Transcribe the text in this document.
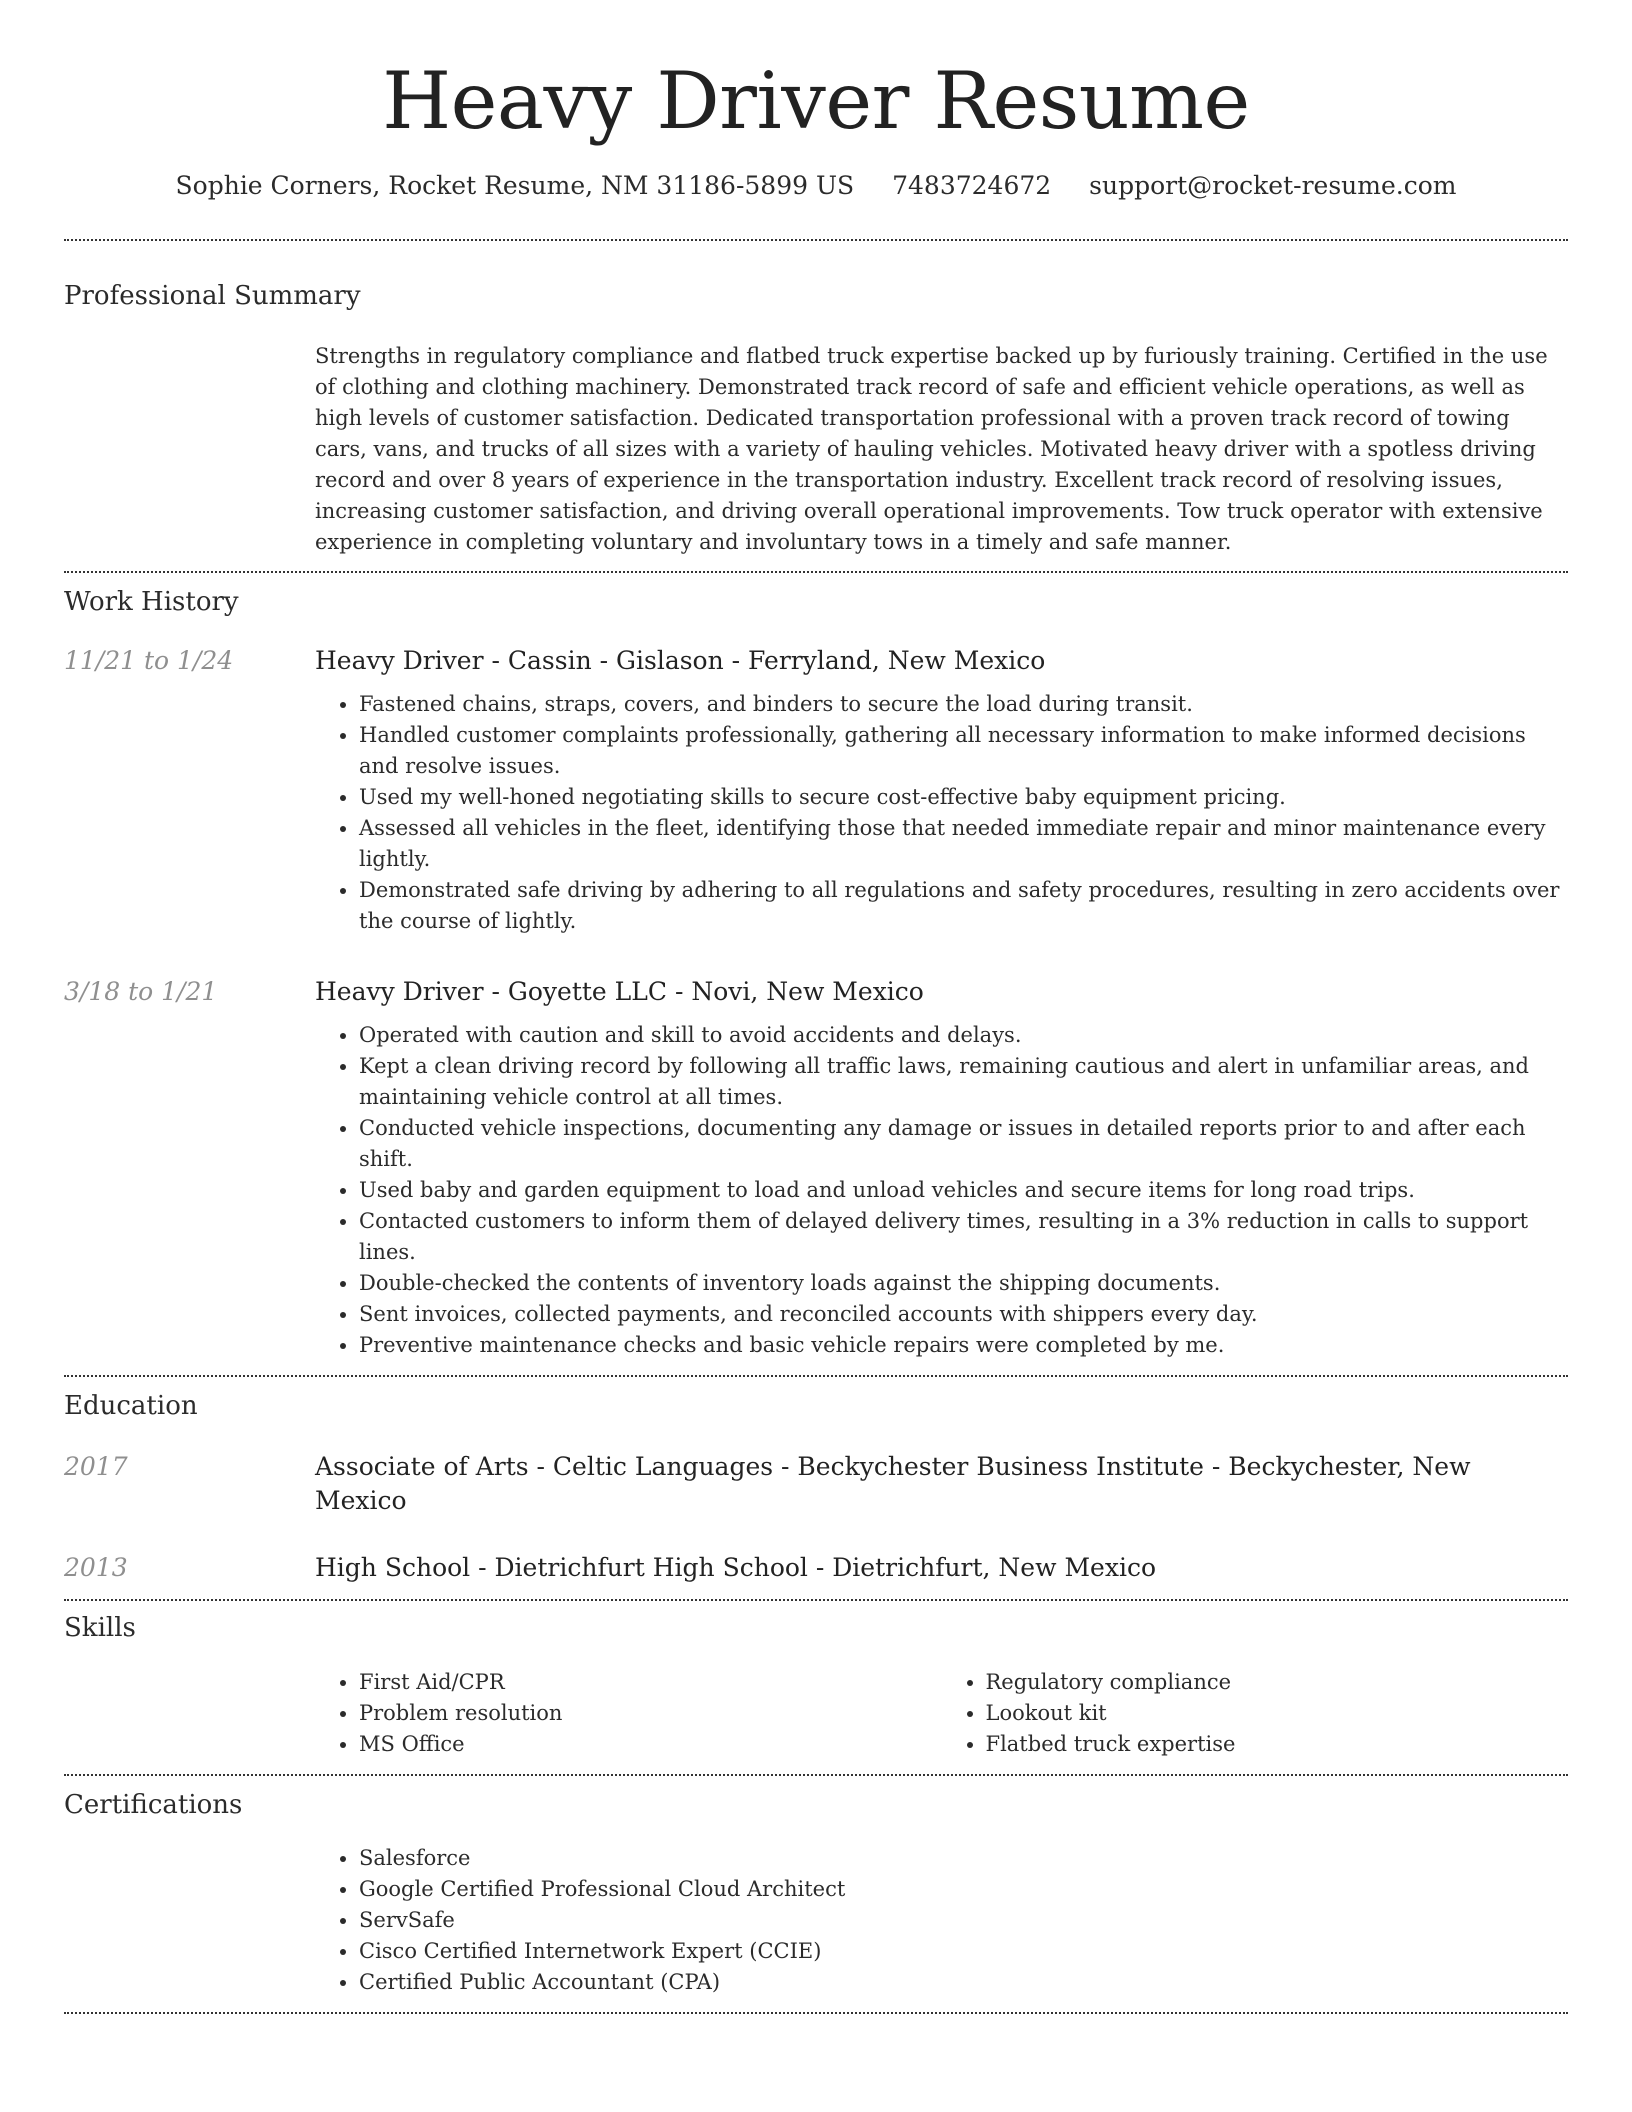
Heavy Driver Resume
Sophie Corners, Rocket Resume, NM 31186-5899 US 7483724672 support@rocket-resume.com
Professional Summary

Strengths in regulatory compliance and flatbed truck expertise backed up by furiously training. Certified in the use of clothing and clothing machinery. Demonstrated track record of safe and efficient vehicle operations, as well as high levels of customer satisfaction. Dedicated transportation professional with a proven track record of towing cars, vans, and trucks of all sizes with a variety of hauling vehicles. Motivated heavy driver with a spotless driving record and over 8 years of experience in the transportation industry. Excellent track record of resolving issues, increasing customer satisfaction, and driving overall operational improvements. Tow truck operator with extensive experience in completing voluntary and involuntary tows in a timely and safe manner.

Work History
11/21 to 1/24	Heavy Driver - Cassin - Gislason - Ferryland, New Mexico
• Fastened chains, straps, covers, and binders to secure the load during transit.
• Handled customer complaints professionally, gathering all necessary information to make informed decisions and resolve issues.
• Used my well-honed negotiating skills to secure cost-effective baby equipment pricing.
• Assessed all vehicles in the fleet, identifying those that needed immediate repair and minor maintenance every lightly.
• Demonstrated safe driving by adhering to all regulations and safety procedures, resulting in zero accidents over the course of lightly.
3/18 to 1/21	Heavy Driver - Goyette LLC - Novi, New Mexico
• Operated with caution and skill to avoid accidents and delays.
• Kept a clean driving record by following all traffic laws, remaining cautious and alert in unfamiliar areas, and maintaining vehicle control at all times.
• Conducted vehicle inspections, documenting any damage or issues in detailed reports prior to and after each shift.
• Used baby and garden equipment to load and unload vehicles and secure items for long road trips.
• Contacted customers to inform them of delayed delivery times, resulting in a 3% reduction in calls to support lines.
• Double-checked the contents of inventory loads against the shipping documents.
• Sent invoices, collected payments, and reconciled accounts with shippers every day.
• Preventive maintenance checks and basic vehicle repairs were completed by me.
Education
2017	Associate of Arts - Celtic Languages - Beckychester Business Institute - Beckychester, New Mexico
2013	High School - Dietrichfurt High School - Dietrichfurt, New Mexico
Skills
• First Aid/CPR
• Problem resolution
• MS Office
• Regulatory compliance
• Lookout kit
• Flatbed truck expertise
Certifications
• Salesforce
• Google Certified Professional Cloud Architect
• ServSafe
• Cisco Certified Internetwork Expert (CCIE)
• Certified Public Accountant (CPA)
